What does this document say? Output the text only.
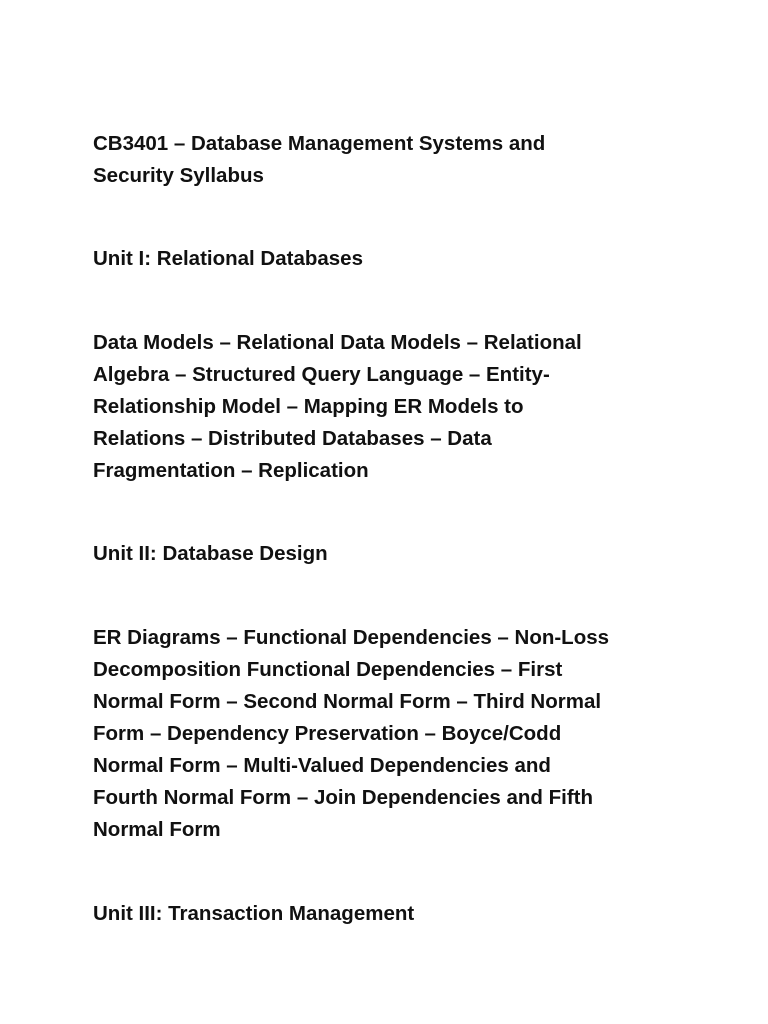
CB3401 – Database Management Systems and
Security Syllabus

Unit I: Relational Databases

Data Models – Relational Data Models – Relational
Algebra – Structured Query Language – Entity-
Relationship Model – Mapping ER Models to
Relations – Distributed Databases – Data
Fragmentation – Replication

Unit II: Database Design

ER Diagrams – Functional Dependencies – Non-Loss
Decomposition Functional Dependencies – First
Normal Form – Second Normal Form – Third Normal
Form – Dependency Preservation – Boyce/Codd
Normal Form – Multi-Valued Dependencies and
Fourth Normal Form – Join Dependencies and Fifth
Normal Form

Unit III: Transaction Management
